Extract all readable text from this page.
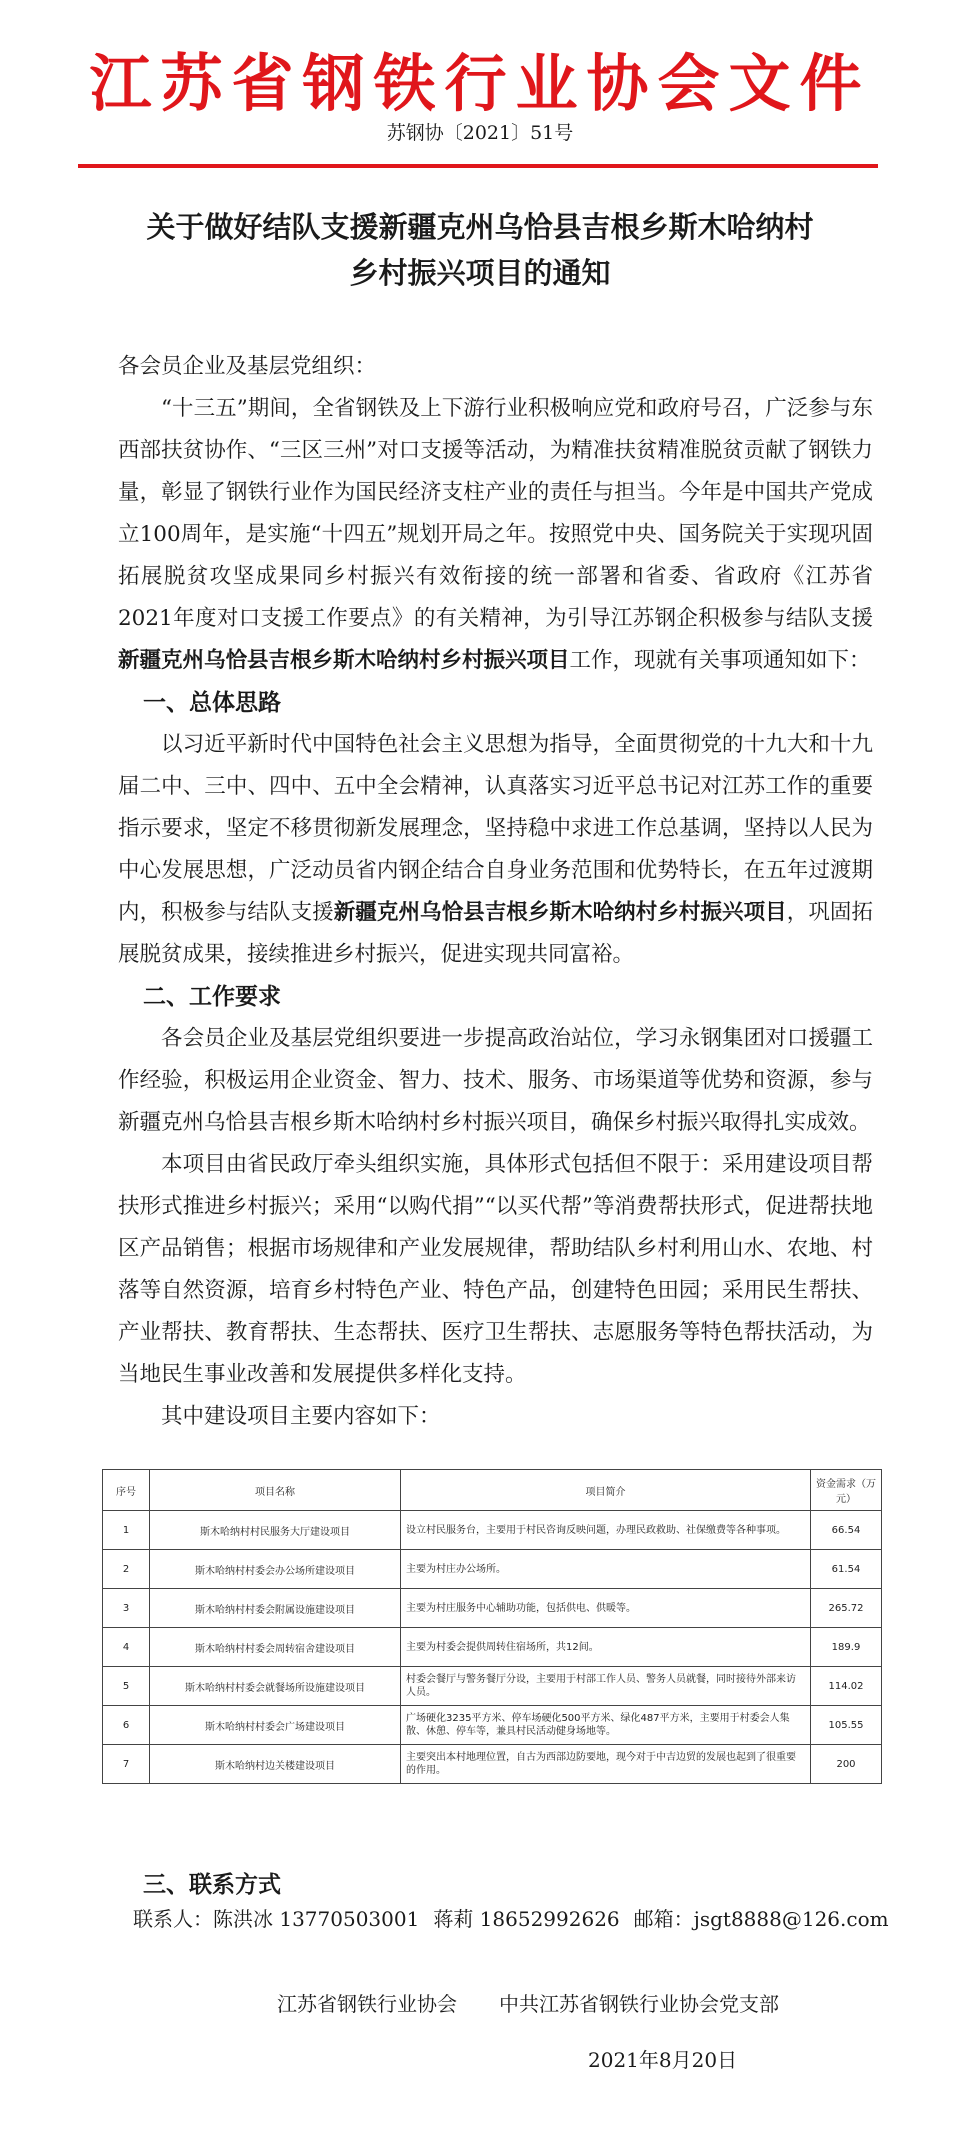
江苏省钢铁行业协会文件
苏钢协〔2021〕51号
关于做好结队支援新疆克州乌恰县吉根乡斯木哈纳村
乡村振兴项目的通知
各会员企业及基层党组织：

“十三五”期间，全省钢铁及上下游行业积极响应党和政府号召，广泛参与东西部扶贫协作、“三区三州”对口支援等活动，为精准扶贫精准脱贫贡献了钢铁力量，彰显了钢铁行业作为国民经济支柱产业的责任与担当。今年是中国共产党成立100周年，是实施“十四五”规划开局之年。按照党中央、国务院关于实现巩固拓展脱贫攻坚成果同乡村振兴有效衔接的统一部署和省委、省政府《江苏省2021年度对口支援工作要点》的有关精神，为引导江苏钢企积极参与结队支援新疆克州乌恰县吉根乡斯木哈纳村乡村振兴项目工作，现就有关事项通知如下：

一、总体思路

以习近平新时代中国特色社会主义思想为指导，全面贯彻党的十九大和十九届二中、三中、四中、五中全会精神，认真落实习近平总书记对江苏工作的重要指示要求，坚定不移贯彻新发展理念，坚持稳中求进工作总基调，坚持以人民为中心发展思想，广泛动员省内钢企结合自身业务范围和优势特长，在五年过渡期内，积极参与结队支援新疆克州乌恰县吉根乡斯木哈纳村乡村振兴项目，巩固拓展脱贫成果，接续推进乡村振兴，促进实现共同富裕。

二、工作要求

各会员企业及基层党组织要进一步提高政治站位，学习永钢集团对口援疆工作经验，积极运用企业资金、智力、技术、服务、市场渠道等优势和资源，参与新疆克州乌恰县吉根乡斯木哈纳村乡村振兴项目，确保乡村振兴取得扎实成效。

本项目由省民政厅牵头组织实施，具体形式包括但不限于：采用建设项目帮扶形式推进乡村振兴；采用“以购代捐”“以买代帮”等消费帮扶形式，促进帮扶地区产品销售；根据市场规律和产业发展规律，帮助结队乡村利用山水、农地、村落等自然资源，培育乡村特色产业、特色产品，创建特色田园；采用民生帮扶、产业帮扶、教育帮扶、生态帮扶、医疗卫生帮扶、志愿服务等特色帮扶活动，为当地民生事业改善和发展提供多样化支持。

其中建设项目主要内容如下：

序号	项目名称	项目简介	资金需求（万元）
1	斯木哈纳村村民服务大厅建设项目	设立村民服务台，主要用于村民咨询反映问题，办理民政救助、社保缴费等各种事项。	66.54
2	斯木哈纳村村委会办公场所建设项目	主要为村庄办公场所。	61.54
3	斯木哈纳村村委会附属设施建设项目	主要为村庄服务中心辅助功能，包括供电、供暖等。	265.72
4	斯木哈纳村村委会周转宿舍建设项目	主要为村委会提供周转住宿场所，共12间。	189.9
5	斯木哈纳村村委会就餐场所设施建设项目	村委会餐厅与警务餐厅分设，主要用于村部工作人员、警务人员就餐，同时接待外部来访人员。	114.02
6	斯木哈纳村村委会广场建设项目	广场硬化3235平方米、停车场硬化500平方米、绿化487平方米，主要用于村委会人集散、休憩、停车等，兼具村民活动健身场地等。	105.55
7	斯木哈纳村边关楼建设项目	主要突出本村地理位置，自古为西部边防要地，现今对于中吉边贸的发展也起到了很重要的作用。	200
三、联系方式
联系人：陈洪冰 13770503001 蒋莉 18652992626 邮箱：jsgt8888@126.com
江苏省钢铁行业协会 中共江苏省钢铁行业协会党支部
2021年8月20日
